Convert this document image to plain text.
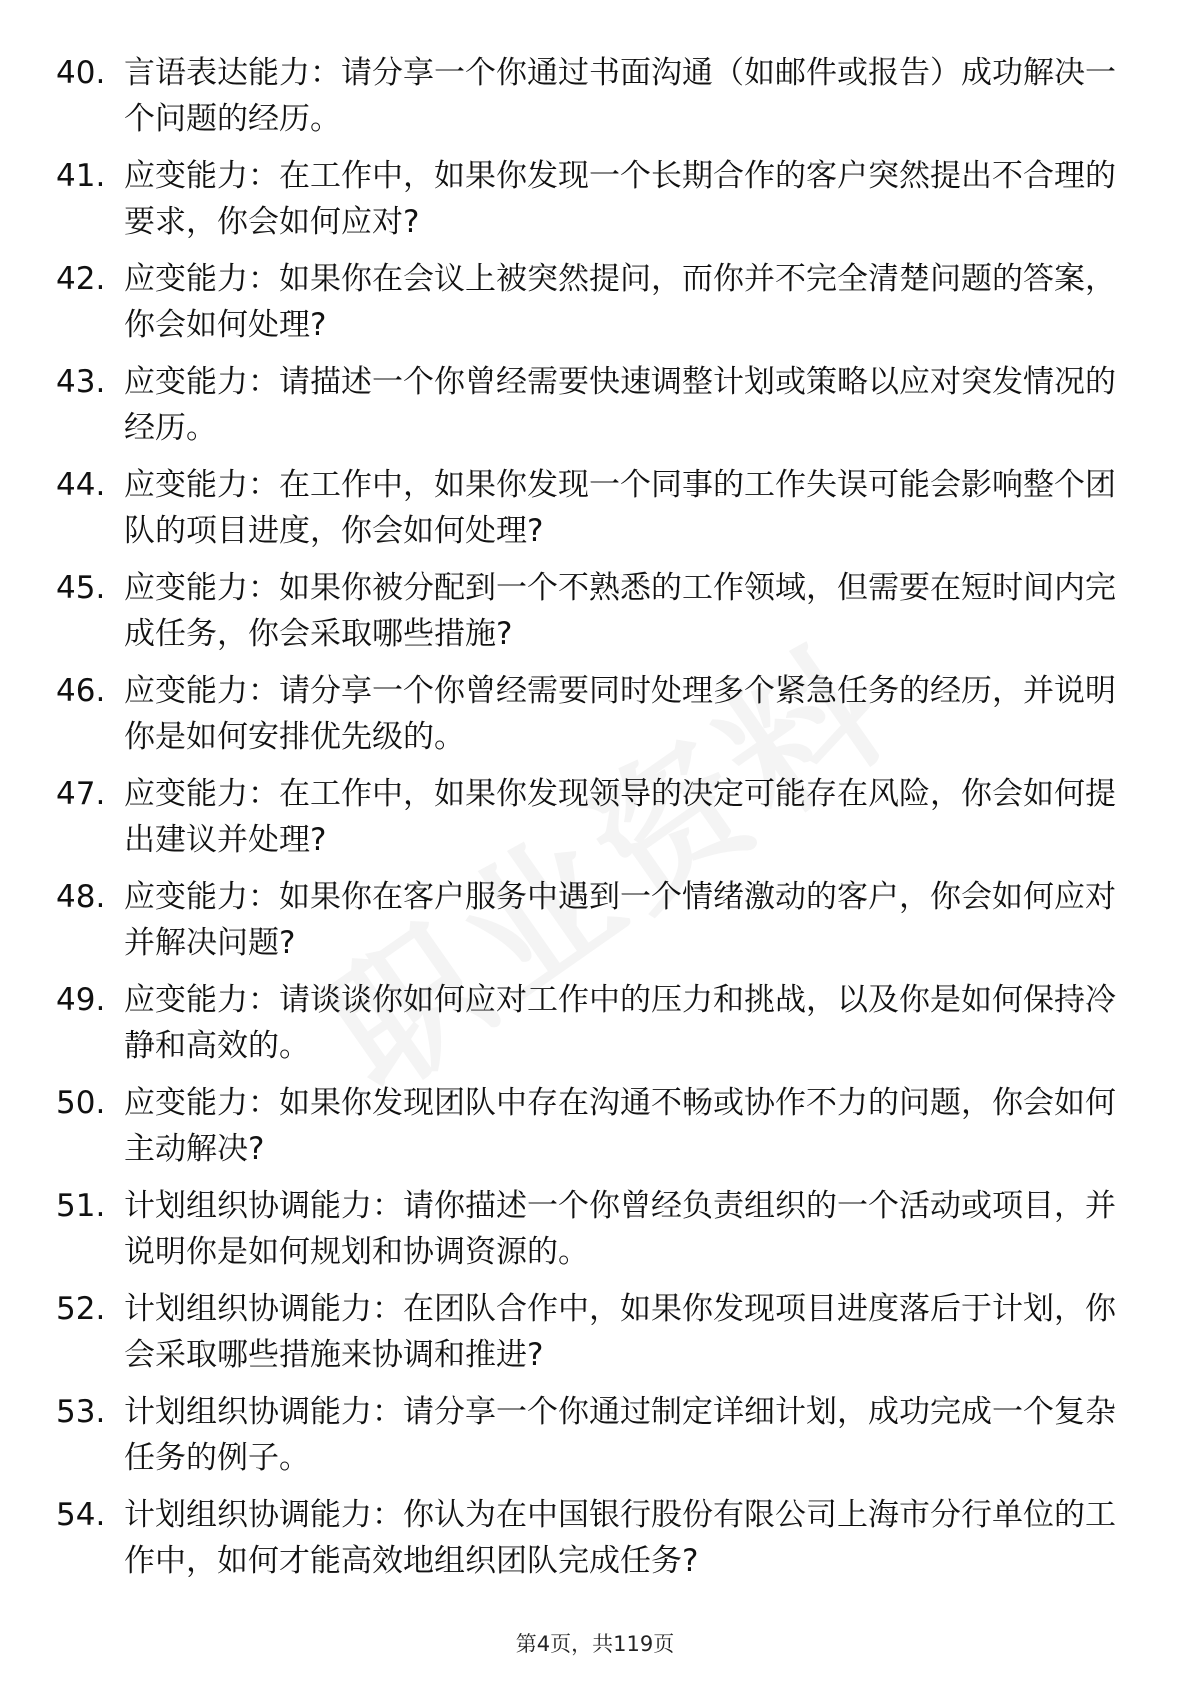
40. 言语表达能力：请分享一个你通过书面沟通（如邮件或报告）成功解决一个问题的经历。
41. 应变能力：在工作中，如果你发现一个长期合作的客户突然提出不合理的要求，你会如何应对?
42. 应变能力：如果你在会议上被突然提问，而你并不完全清楚问题的答案，你会如何处理?
43. 应变能力：请描述一个你曾经需要快速调整计划或策略以应对突发情况的经历。
44. 应变能力：在工作中，如果你发现一个同事的工作失误可能会影响整个团队的项目进度，你会如何处理?
45. 应变能力：如果你被分配到一个不熟悉的工作领域，但需要在短时间内完成任务，你会采取哪些措施?
46. 应变能力：请分享一个你曾经需要同时处理多个紧急任务的经历，并说明你是如何安排优先级的。
47. 应变能力：在工作中，如果你发现领导的决定可能存在风险，你会如何提出建议并处理?
48. 应变能力：如果你在客户服务中遇到一个情绪激动的客户，你会如何应对并解决问题?
49. 应变能力：请谈谈你如何应对工作中的压力和挑战，以及你是如何保持冷静和高效的。
50. 应变能力：如果你发现团队中存在沟通不畅或协作不力的问题，你会如何主动解决?
51. 计划组织协调能力：请你描述一个你曾经负责组织的一个活动或项目，并说明你是如何规划和协调资源的。
52. 计划组织协调能力：在团队合作中，如果你发现项目进度落后于计划，你会采取哪些措施来协调和推进?
53. 计划组织协调能力：请分享一个你通过制定详细计划，成功完成一个复杂任务的例子。
54. 计划组织协调能力：你认为在中国银行股份有限公司上海市分行单位的工作中，如何才能高效地组织团队完成任务?
第4页，共119页
